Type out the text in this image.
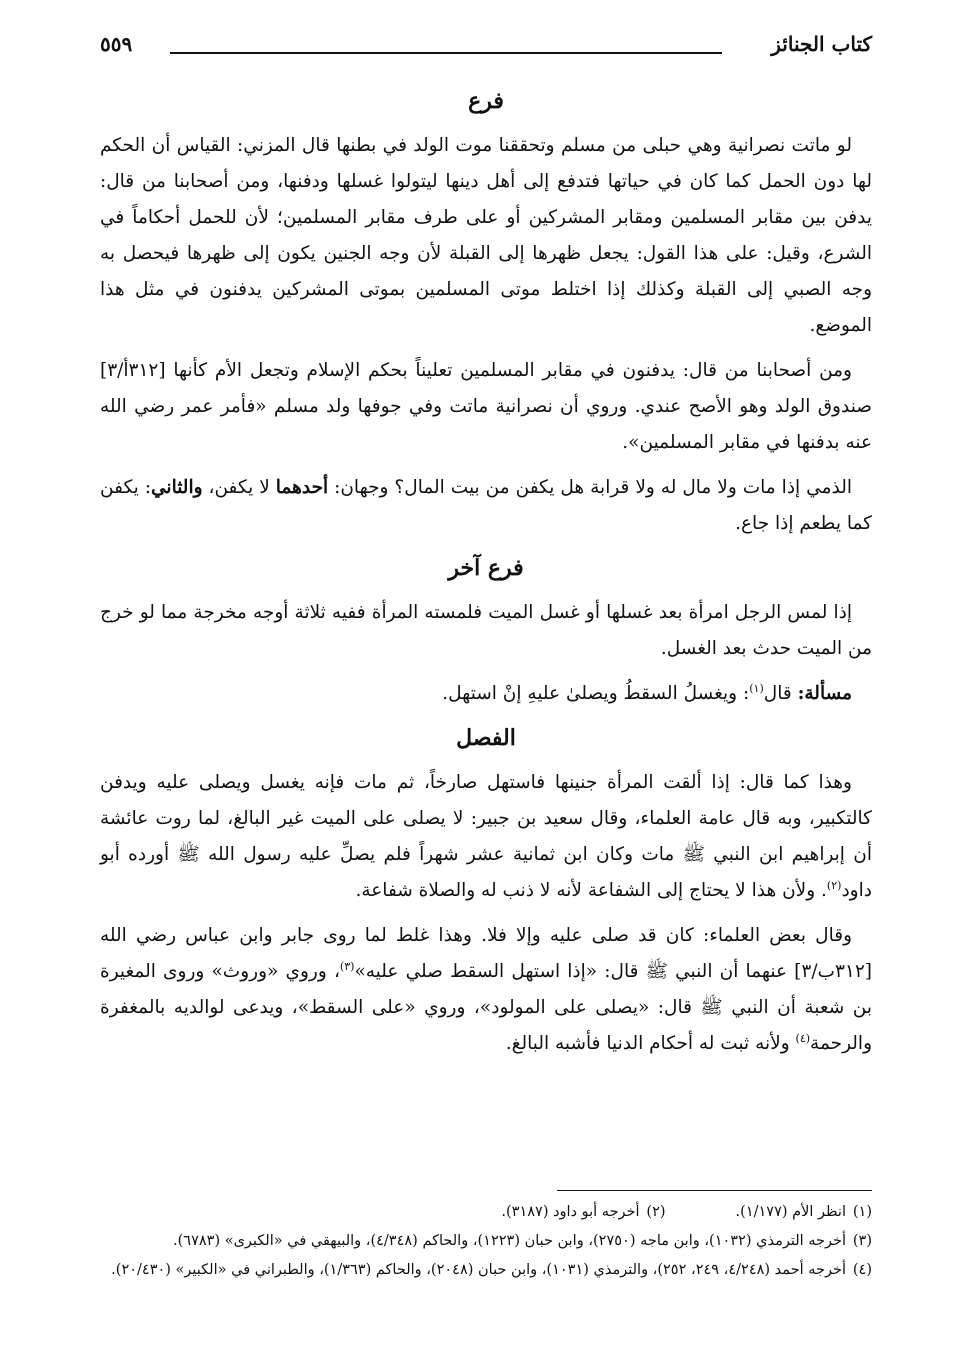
كتاب الجنائز
٥٥٩
فرع

لو ماتت نصرانية وهي حبلى من مسلم وتحققنا موت الولد في بطنها قال المزني: القياس أن الحكم لها دون الحمل كما كان في حياتها فتدفع إلى أهل دينها ليتولوا غسلها ودفنها، ومن أصحابنا من قال: يدفن بين مقابر المسلمين ومقابر المشركين أو على طرف مقابر المسلمين؛ لأن للحمل أحكاماً في الشرع، وقيل: على هذا القول: يجعل ظهرها إلى القبلة لأن وجه الجنين يكون إلى ظهرها فيحصل به وجه الصبي إلى القبلة وكذلك إذا اختلط موتى المسلمين بموتى المشركين يدفنون في مثل هذا الموضع.

ومن أصحابنا من قال: يدفنون في مقابر المسلمين تعليناً بحكم الإسلام وتجعل الأم كأنها [٣١٢أ/٣] صندوق الولد وهو الأصح عندي. وروي أن نصرانية ماتت وفي جوفها ولد مسلم «فأمر عمر رضي الله عنه بدفنها في مقابر المسلمين».

الذمي إذا مات ولا مال له ولا قرابة هل يكفن من بيت المال؟ وجهان: أحدهما لا يكفن، والثاني: يكفن كما يطعم إذا جاع.

فرع آخر

إذا لمس الرجل امرأة بعد غسلها أو غسل الميت فلمسته المرأة ففيه ثلاثة أوجه مخرجة مما لو خرج من الميت حدث بعد الغسل.

مسألة: قال$^{(١)}$: ويغسلُ السقطُ ويصلىٰ عليهِ إنْ استهل.

الفصل

وهذا كما قال: إذا ألقت المرأة جنينها فاستهل صارخاً، ثم مات فإنه يغسل ويصلى عليه ويدفن كالتكبير، وبه قال عامة العلماء، وقال سعيد بن جبير: لا يصلى على الميت غير البالغ، لما روت عائشة أن إبراهيم ابن النبي ﷺ مات وكان ابن ثمانية عشر شهراً فلم يصلِّ عليه رسول الله ﷺ أورده أبو داود$^{(٢)}$. ولأن هذا لا يحتاج إلى الشفاعة لأنه لا ذنب له والصلاة شفاعة.

وقال بعض العلماء: كان قد صلى عليه وإلا فلا. وهذا غلط لما روى جابر وابن عباس رضي الله [٣١٢ب/٣] عنهما أن النبي ﷺ قال: «إذا استهل السقط صلي عليه»$^{(٣)}$، وروي «وروث» وروى المغيرة بن شعبة أن النبي ﷺ قال: «يصلى على المولود»، وروي «على السقط»، ويدعى لوالديه بالمغفرة والرحمة$^{(٤)}$ ولأنه ثبت له أحكام الدنيا فأشبه البالغ.

(١)انظر الأم (١/١٧٧).(٢)أخرجه أبو داود (٣١٨٧).
(٣)أخرجه الترمذي (١٠٣٢)، وابن ماجه (٢٧٥٠)، وابن حبان (١٢٢٣)، والحاكم (٤/٣٤٨)، والبيهقي في «الكبرى» (٦٧٨٣).
(٤)أخرجه أحمد (٤/٢٤٨، ٢٤٩، ٢٥٢)، والترمذي (١٠٣١)، وابن حبان (٢٠٤٨)، والحاكم (١/٣٦٣)، والطبراني في «الكبير» (٢٠/٤٣٠).
